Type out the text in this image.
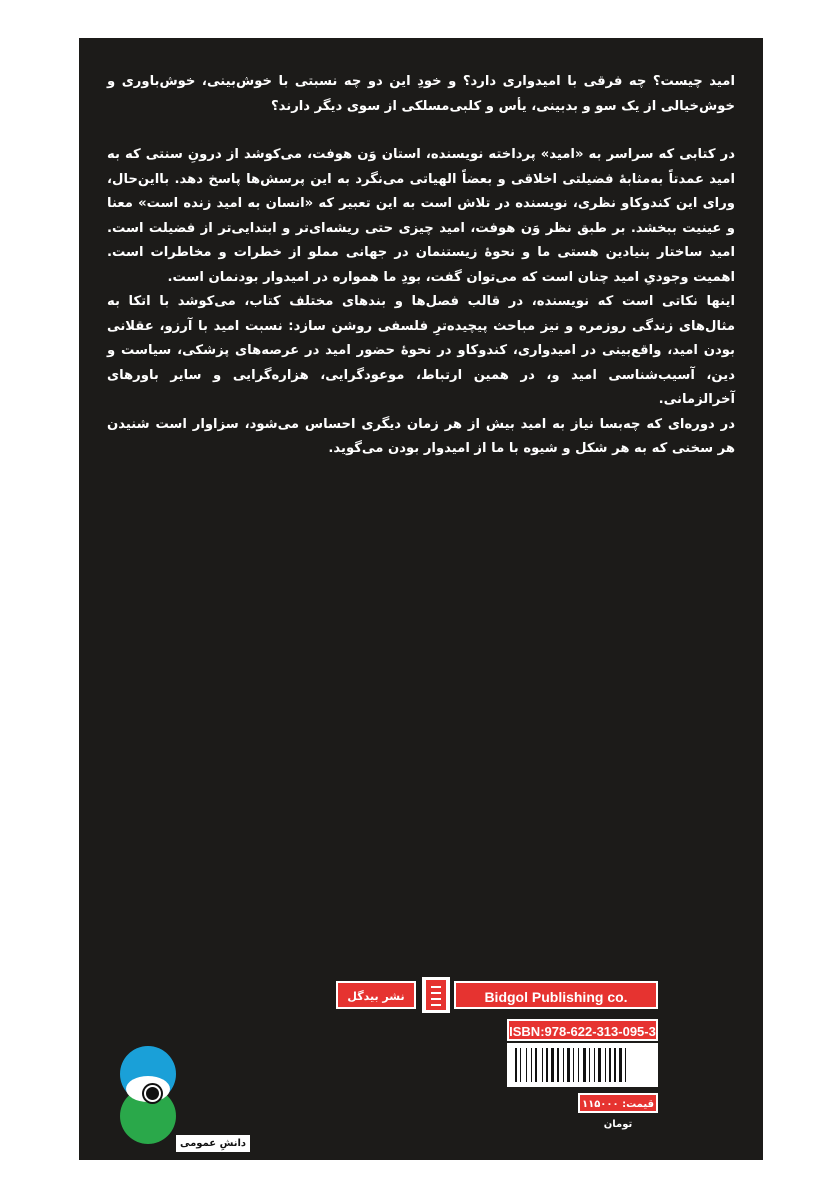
امید چیست؟ چه فرقی با امیدواری دارد؟ و خودِ این دو چه نسبتی با خوش‌بینی، خوش‌باوری و خوش‌خیالی از یک سو و بدبینی، یأس و کلبی‌مسلکی از سوی دیگر دارند؟

در کتابی که سراسر به «امید» پرداخته نویسنده، استان وَن هوفت، می‌کوشد از درونِ سنتی که به امید عمدتاً به‌مثابهٔ فضیلتی اخلاقی و بعضاً الهیاتی می‌نگرد به این پرسش‌ها پاسخ دهد. بااین‌حال، ورای این کندوکاو نظری، نویسنده در تلاش است به این تعبیر که «انسان به امید زنده است» معنا و عینیت ببخشد. بر طبق نظر وَن هوفت، امید چیزی حتی ریشه‌ای‌تر و ابتدایی‌تر از فضیلت است. امید ساختار بنیادین هستی ما و نحوهٔ زیستنمان در جهانی مملو از خطرات و مخاطرات است. اهمیت وجودیِ امید چنان است که می‌توان گفت، بودِ ما همواره در امیدوار بودنمان است.

اینها نکاتی است که نویسنده، در قالب فصل‌ها و بندهای مختلف کتاب، می‌کوشد با اتکا به مثال‌های زندگی روزمره و نیز مباحث پیچیده‌ترِ فلسفی روشن سازد: نسبت امید با آرزو، عقلانی بودن امید، واقع‌بینی در امیدواری، کندوکاو در نحوهٔ حضور امید در عرصه‌های پزشکی، سیاست و دین، آسیب‌شناسی امید و، در همین ارتباط، موعودگرایی، هزاره‌گرایی و سایر باورهای آخرالزمانی.

در دوره‌ای که چه‌بسا نیاز به امید بیش از هر زمان دیگری احساس می‌شود، سزاوار است شنیدن هر سخنی که به هر شکل و شیوه با ما از امیدوار بودن می‌گوید.

دانشِ عمومی
نشر بیدگل	Bidgol Publishing co.
ISBN:978-622-313-095-3
قیمت: ۱۱۵۰۰۰ تومان
